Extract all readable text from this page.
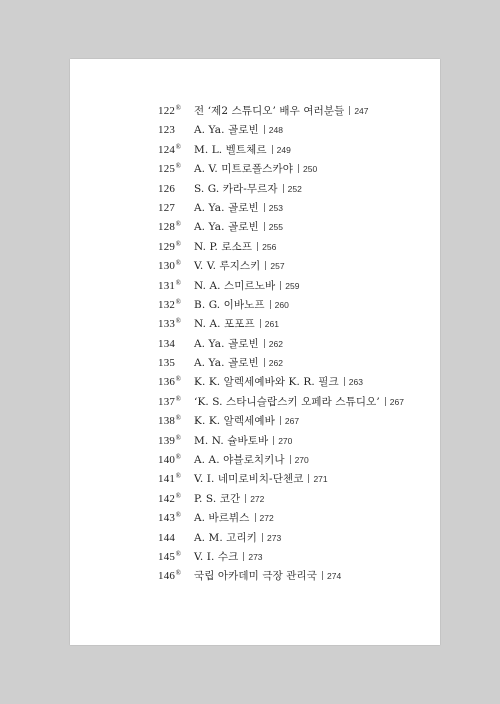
122®	전 ‘제2 스튜디오’ 배우 여러분들 247
123	A. Ya. 골로빈 248
124®	M. L. 벨트체르 249
125®	A. V. 미트로폴스카야 250
126	S. G. 카라-무르자 252
127	A. Ya. 골로빈 253
128®	A. Ya. 골로빈 255
129®	N. P. 로소프 256
130®	V. V. 루지스키 257
131®	N. A. 스미르노바 259
132®	B. G. 이바노프 260
133®	N. A. 포포프 261
134	A. Ya. 골로빈 262
135	A. Ya. 골로빈 262
136®	K. K. 알렉세예바와 K. R. 필크 263
137®	‘K. S. 스타니슬랍스키 오페라 스튜디오’ 267
138®	K. K. 알렉세예바 267
139®	M. N. 슐바토바 270
140®	A. A. 야블로치키나 270
141®	V. I. 네미로비치-단첸코 271
142®	P. S. 코간 272
143®	A. 바르뷔스 272
144	A. M. 고리키 273
145®	V. I. 수크 273
146®	국립 아카데미 극장 관리국 274
